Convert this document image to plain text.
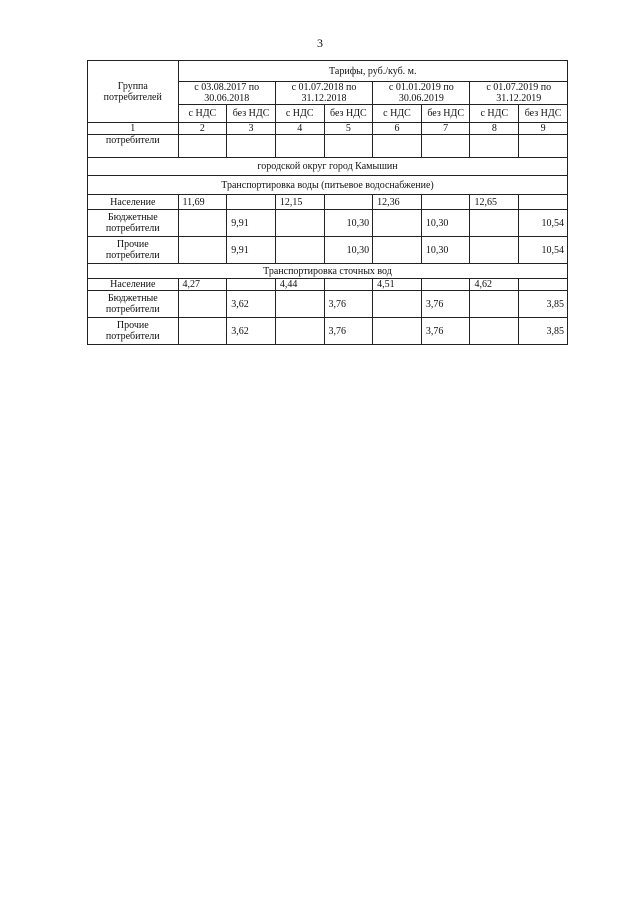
3
Группа потребителей	Тарифы, руб./куб. м.							
	с 03.08.2017 по 30.06.2018		с 01.07.2018 по 31.12.2018		с 01.01.2019 по 30.06.2019		с 01.07.2019 по 31.12.2019	
	с НДС	без НДС	с НДС	без НДС	с НДС	без НДС	с НДС	без НДС
1	2	3	4	5	6	7	8	9
потребители								
городской округ город Камышин								
Транспортировка воды (питьевое водоснабжение)								
Население	11,69		12,15		12,36		12,65	
Бюджетные потребители		9,91		10,30		10,30		10,54
Прочие потребители		9,91		10,30		10,30		10,54
Транспортировка сточных вод								
Население	4,27		4,44		4,51		4,62	
Бюджетные потребители		3,62		3,76		3,76		3,85
Прочие потребители		3,62		3,76		3,76		3,85
